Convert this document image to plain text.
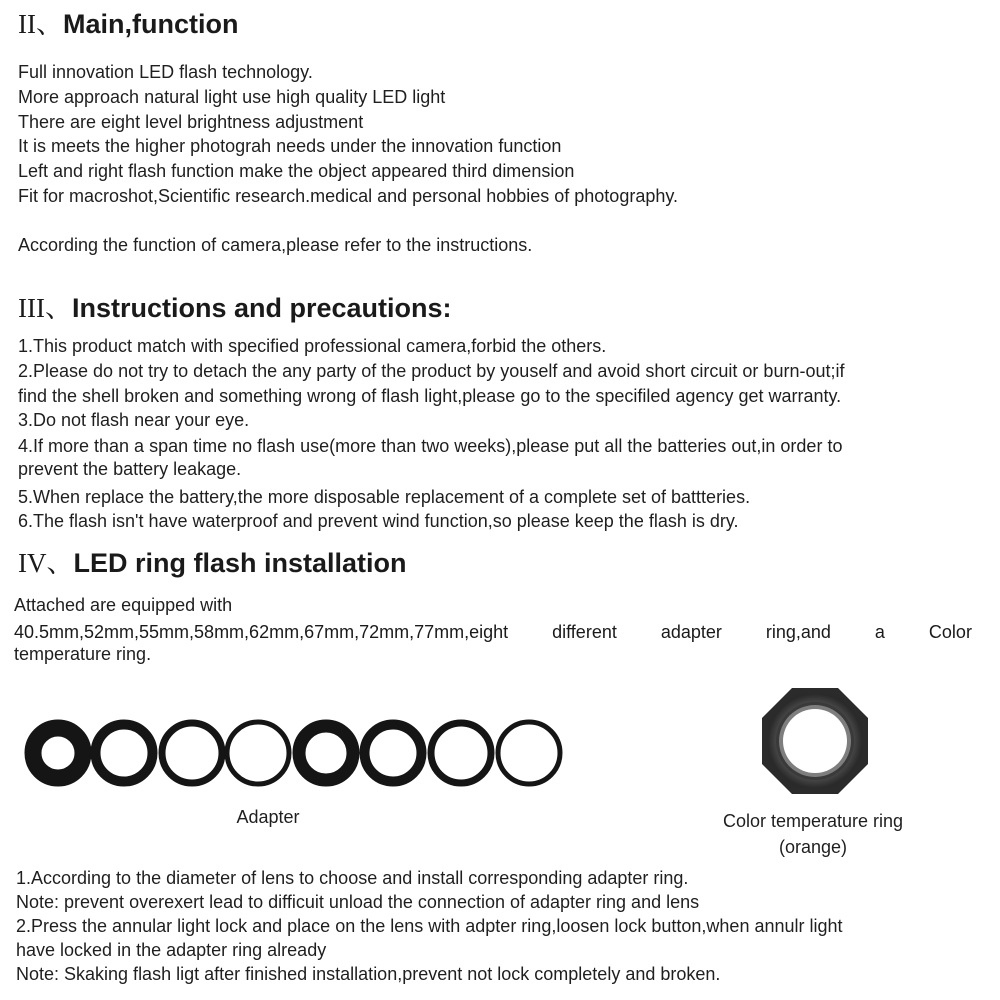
II、Main,function
Full innovation LED flash technology.
More approach natural light use high quality LED light
There are eight level brightness adjustment
It is meets the higher photograh needs under the innovation function
Left and right flash function make the object appeared third dimension
Fit for macroshot,Scientific research.medical and personal hobbies of photography.
According the function of camera,please refer to the instructions.
III、Instructions and precautions:
1.This product match with specified professional camera,forbid the others.
2.Please do not try to detach the any party of the product by youself and avoid short circuit or burn-out;if
find the shell broken and something wrong of flash light,please go to the specifiled agency get warranty.
3.Do not flash near your eye.
4.If more than a span time no flash use(more than two weeks),please put all the batteries out,in order to
prevent the battery leakage.
5.When replace the battery,the more disposable replacement of a complete set of battteries.
6.The flash isn't have waterproof and prevent wind function,so please keep the flash is dry.
IV、LED ring flash installation
Attached are equipped with
40.5mm,52mm,55mm,58mm,62mm,67mm,72mm,77mm,eight different adapter ring,and a Color
temperature ring.
Adapter	Color temperature ring
(orange)
1.According to the diameter of lens to choose and install corresponding adapter ring.
Note: prevent overexert lead to difficuit unload the connection of adapter ring and lens
2.Press the annular light lock and place on the lens with adpter ring,loosen lock button,when annulr light
have locked in the adapter ring already
Note: Skaking flash ligt after finished installation,prevent not lock completely and broken.
